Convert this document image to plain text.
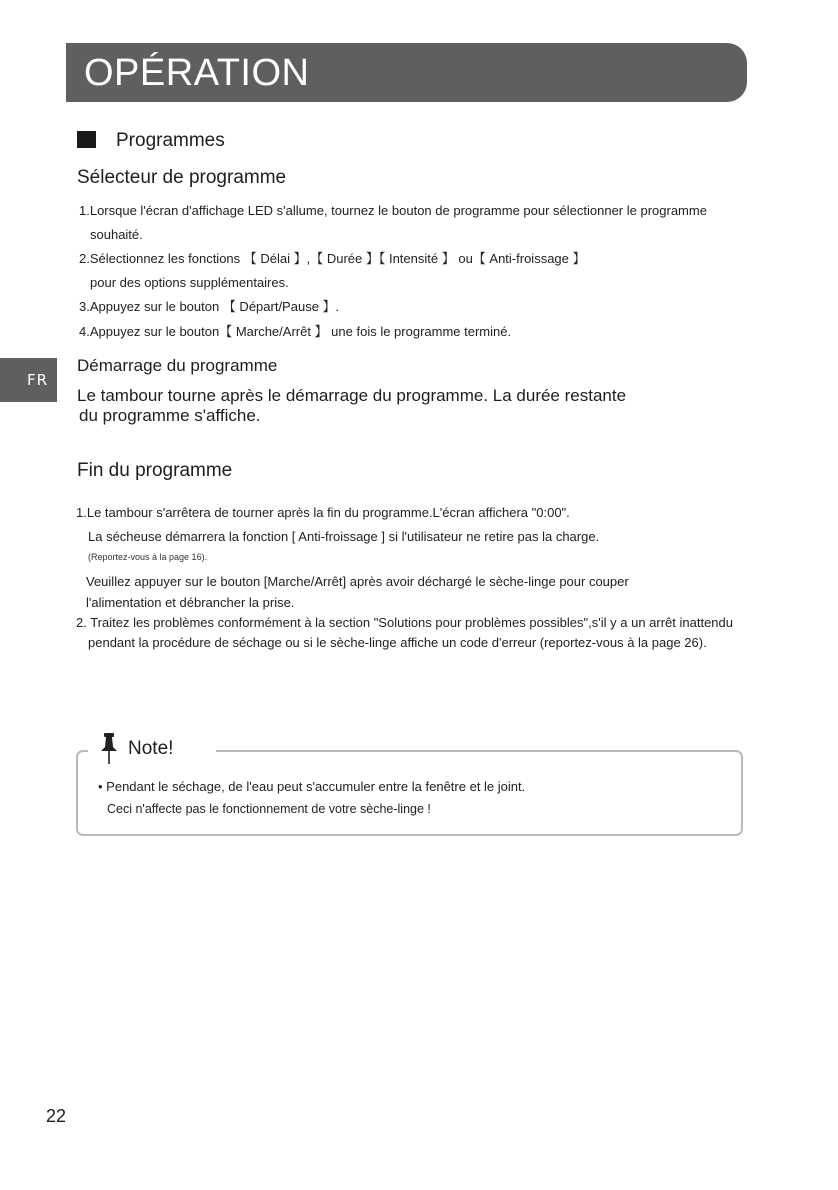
OPÉRATION
FR
Programmes
Sélecteur de programme
1.Lorsque l'écran d'affichage LED s'allume, tournez le bouton de programme pour sélectionner le programme
souhaité.
2.Sélectionnez les fonctions 【 Délai 】,【 Durée 】【 Intensité 】 ou【 Anti-froissage 】
pour des options supplémentaires.
3.Appuyez sur le bouton 【 Départ/Pause 】.
4.Appuyez sur le bouton【 Marche/Arrêt 】 une fois le programme terminé.
Démarrage du programme
Le tambour tourne après le démarrage du programme. La durée restante
du programme s'affiche.
Fin du programme
1.Le tambour s'arrêtera de tourner après la fin du programme.L'écran affichera "0:00".
La sécheuse démarrera la fonction [ Anti-froissage ] si l'utilisateur ne retire pas la charge.
(Reportez-vous à la page 16).
Veuillez appuyer sur le bouton [Marche/Arrêt] après avoir déchargé le sèche-linge pour couper
l'alimentation et débrancher la prise.
2. Traitez les problèmes conformément à la section "Solutions pour problèmes possibles",s'il y a un arrêt inattendu
pendant la procédure de séchage ou si le sèche-linge affiche un code d'erreur (reportez-vous à la page 26).
Note!
• Pendant le séchage, de l'eau peut s'accumuler entre la fenêtre et le joint.
Ceci n'affecte pas le fonctionnement de votre sèche-linge !
22
